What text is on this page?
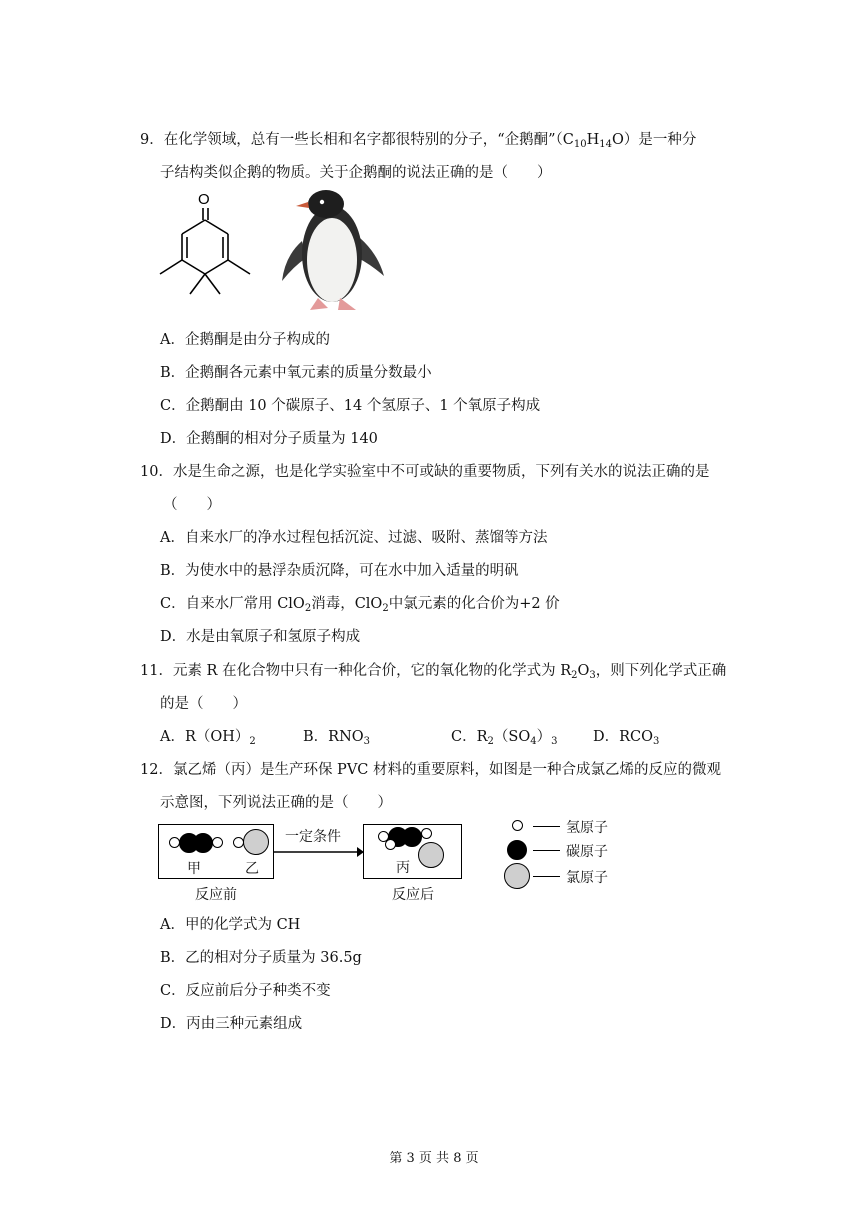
9．在化学领域，总有一些长相和名字都很特别的分子，“企鹅酮$”(C_{10}H_{14}O)$是一种分
子结构类似企鹅的物质。关于企鹅酮的说法正确的是（　　）
O
A．企鹅酮是由分子构成的
B．企鹅酮各元素中氧元素的质量分数最小
C．企鹅酮由 10 个碳原子、14 个氢原子、1 个氧原子构成
D．企鹅酮的相对分子质量为 140
10．水是生命之源，也是化学实验室中不可或缺的重要物质，下列有关水的说法正确的是
（　　）
A．自来水厂的净水过程包括沉淀、过滤、吸附、蒸馏等方法
B．为使水中的悬浮杂质沉降，可在水中加入适量的明矾
C．自来水厂常用 ClO$_2$消毒，ClO$_2$中氯元素的化合价为+2 价
D．水是由氧原子和氢原子构成
11．元素 R 在化合物中只有一种化合价，它的氧化物的化学式为 $R_2O_3$，则下列化学式正确
的是（　　）
A．$R(OH)_2$	B．$RNO_3$	C．$R_2(SO_4)_3$ D．$RCO_3$
12．氯乙烯（丙）是生产环保 PVC 材料的重要原料，如图是一种合成氯乙烯的反应的微观
示意图，下列说法正确的是（　　）
甲	乙
反应前
一定条件
丙
反应后
氢原子
碳原子
氯原子
A．甲的化学式为 CH
B．乙的相对分子质量为 36.5g
C．反应前后分子种类不变
D．丙由三种元素组成
第 3 页 共 8 页
